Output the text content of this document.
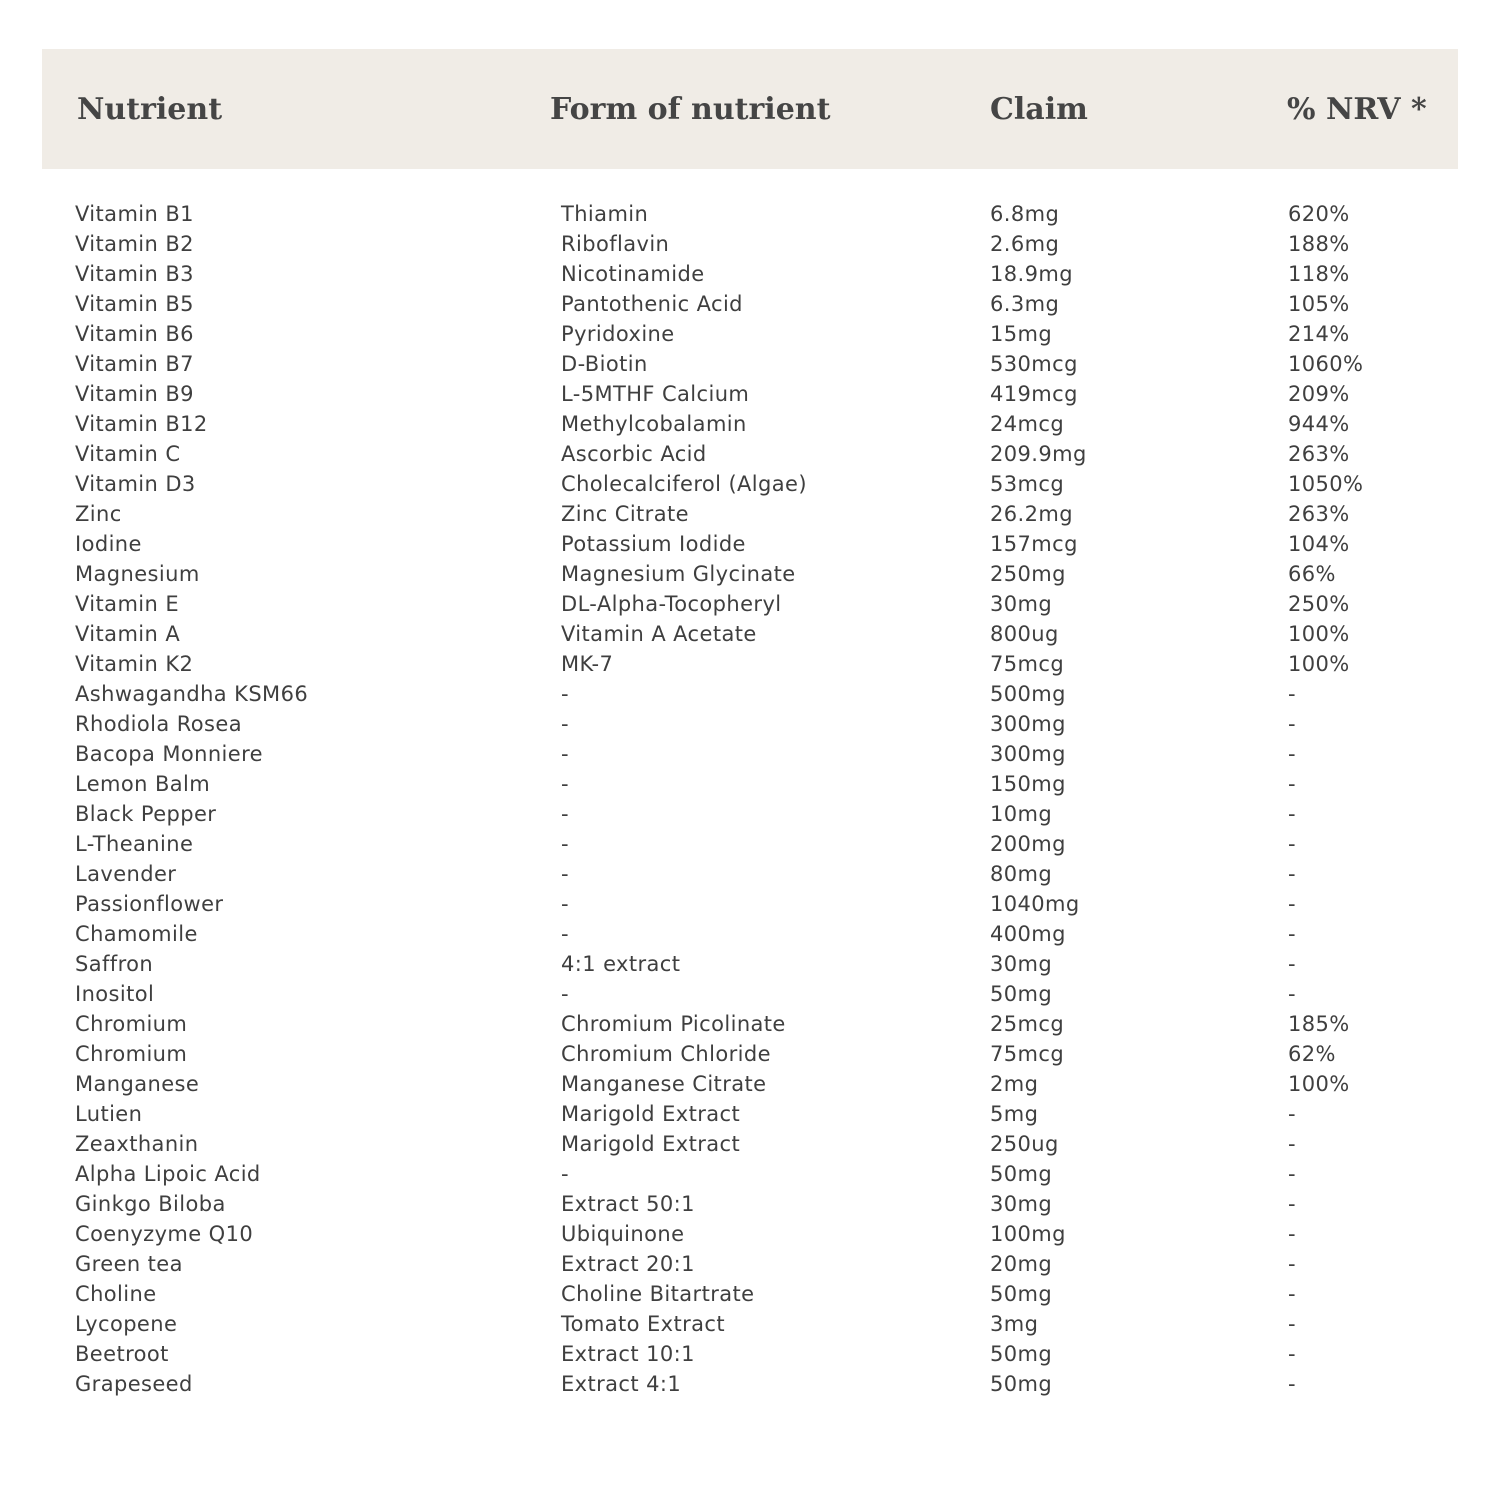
Nutrient	Form of nutrient	Claim	% NRV *
Vitamin B1	Thiamin	6.8mg	620%
Vitamin B2	Riboflavin	2.6mg	188%
Vitamin B3	Nicotinamide	18.9mg	118%
Vitamin B5	Pantothenic Acid	6.3mg	105%
Vitamin B6	Pyridoxine	15mg	214%
Vitamin B7	D-Biotin	530mcg	1060%
Vitamin B9	L-5MTHF Calcium	419mcg	209%
Vitamin B12	Methylcobalamin	24mcg	944%
Vitamin C	Ascorbic Acid	209.9mg	263%
Vitamin D3	Cholecalciferol (Algae)	53mcg	1050%
Zinc	Zinc Citrate	26.2mg	263%
Iodine	Potassium Iodide	157mcg	104%
Magnesium	Magnesium Glycinate	250mg	66%
Vitamin E	DL-Alpha-Tocopheryl	30mg	250%
Vitamin A	Vitamin A Acetate	800ug	100%
Vitamin K2	MK-7	75mcg	100%
Ashwagandha KSM66	-	500mg	-
Rhodiola Rosea	-	300mg	-
Bacopa Monniere	-	300mg	-
Lemon Balm	-	150mg	-
Black Pepper	-	10mg	-
L-Theanine	-	200mg	-
Lavender	-	80mg	-
Passionflower	-	1040mg	-
Chamomile	-	400mg	-
Saffron	4:1 extract	30mg	-
Inositol	-	50mg	-
Chromium	Chromium Picolinate	25mcg	185%
Chromium	Chromium Chloride	75mcg	62%
Manganese	Manganese Citrate	2mg	100%
Lutien	Marigold Extract	5mg	-
Zeaxthanin	Marigold Extract	250ug	-
Alpha Lipoic Acid	-	50mg	-
Ginkgo Biloba	Extract 50:1	30mg	-
Coenyzyme Q10	Ubiquinone	100mg	-
Green tea	Extract 20:1	20mg	-
Choline	Choline Bitartrate	50mg	-
Lycopene	Tomato Extract	3mg	-
Beetroot	Extract 10:1	50mg	-
Grapeseed	Extract 4:1	50mg	-
